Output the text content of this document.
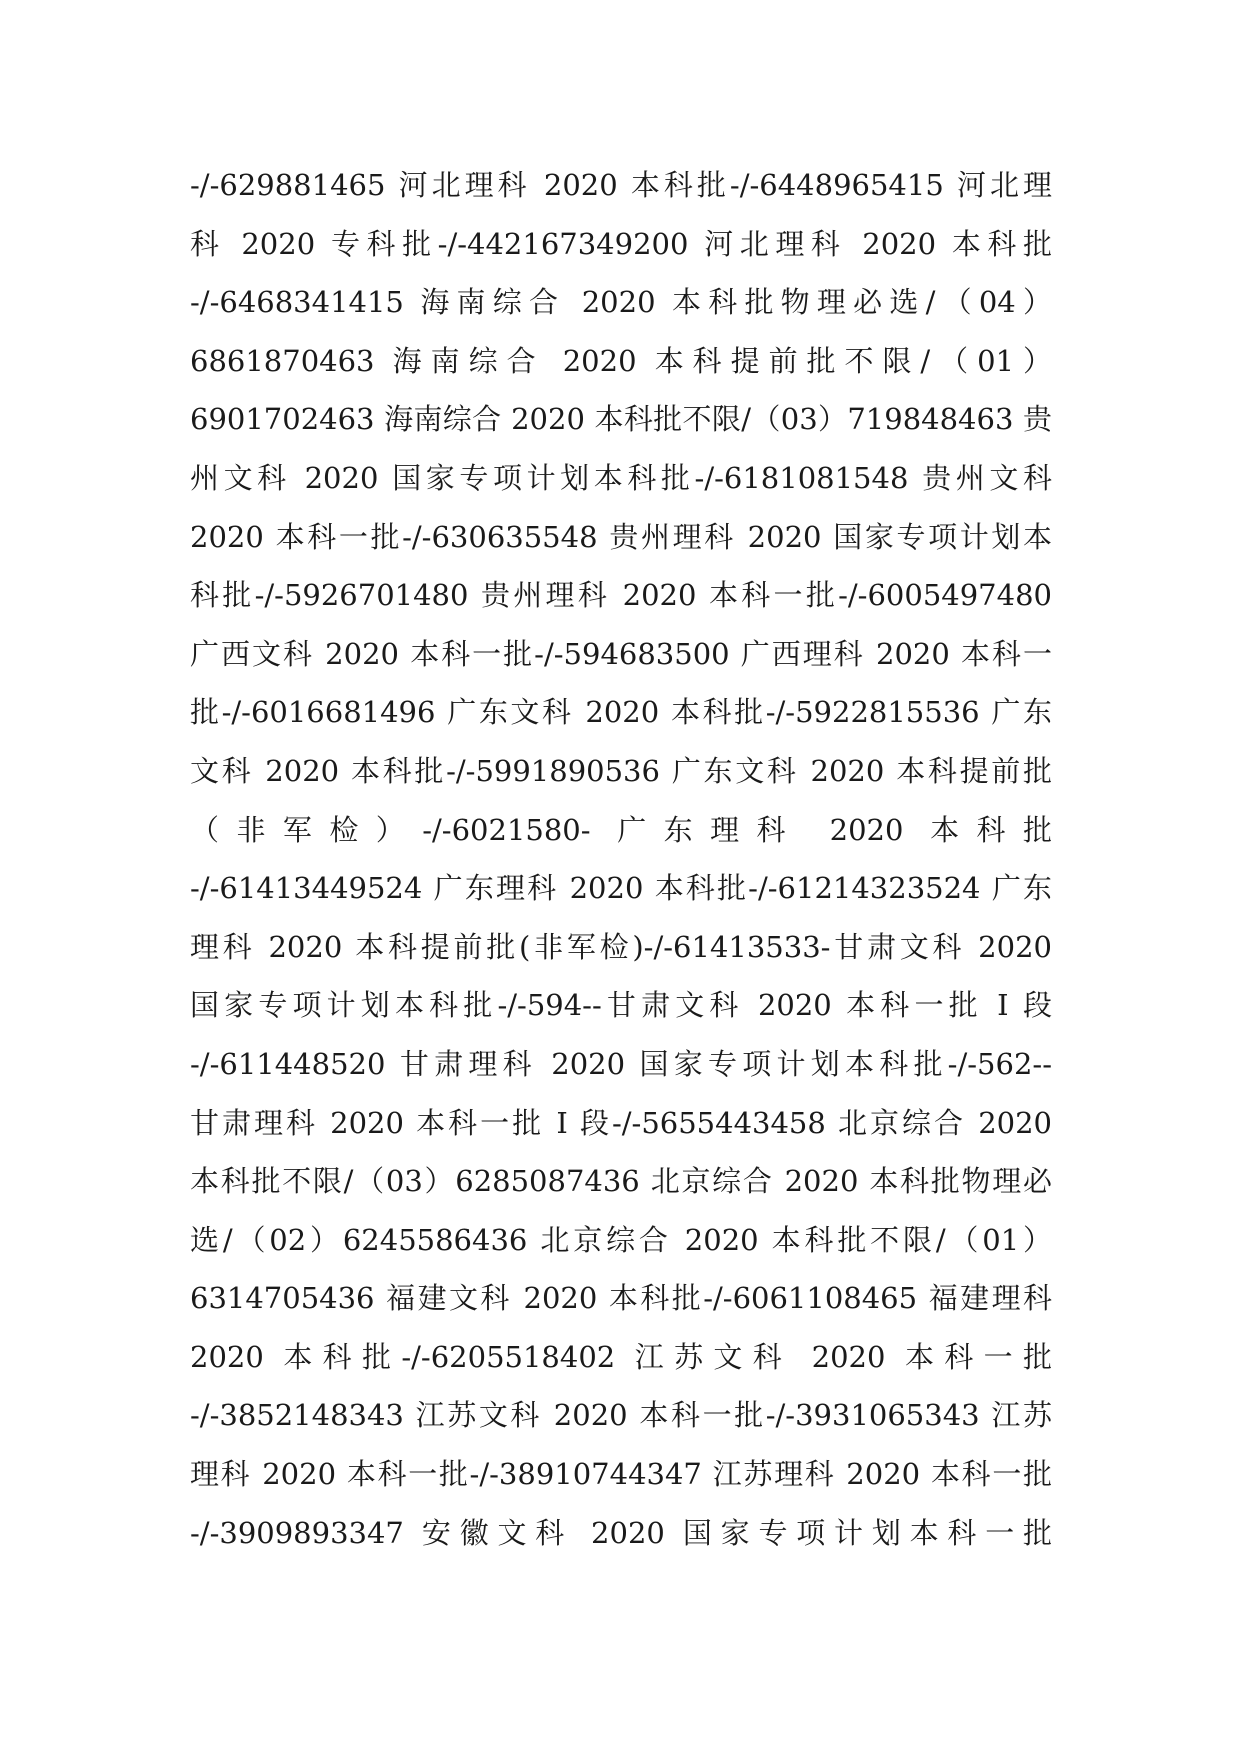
-/-629881465 河北理科 2020 本科批-/-6448965415 河北理
科 2020 专科批-/-442167349200 河北理科 2020 本科批
-/-6468341415 海南综合 2020 本科批物理必选/（04）
6861870463 海南综合 2020 本科提前批不限/（01）
6901702463 海南综合 2020 本科批不限/（03）719848463 贵
州文科 2020 国家专项计划本科批-/-6181081548 贵州文科
2020 本科一批-/-630635548 贵州理科 2020 国家专项计划本
科批-/-5926701480 贵州理科 2020 本科一批-/-6005497480
广西文科 2020 本科一批-/-594683500 广西理科 2020 本科一
批-/-6016681496 广东文科 2020 本科批-/-5922815536 广东
文科 2020 本科批-/-5991890536 广东文科 2020 本科提前批
（非军检）-/-6021580- 广东理科 2020 本科批
-/-61413449524 广东理科 2020 本科批-/-61214323524 广东
理科 2020 本科提前批(非军检)-/-61413533-甘肃文科 2020
国家专项计划本科批-/-594--甘肃文科 2020 本科一批 I 段
-/-611448520 甘肃理科 2020 国家专项计划本科批-/-562--
甘肃理科 2020 本科一批 I 段-/-5655443458 北京综合 2020
本科批不限/（03）6285087436 北京综合 2020 本科批物理必
选/（02）6245586436 北京综合 2020 本科批不限/（01）
6314705436 福建文科 2020 本科批-/-6061108465 福建理科
2020 本科批-/-6205518402 江苏文科 2020 本科一批
-/-3852148343 江苏文科 2020 本科一批-/-3931065343 江苏
理科 2020 本科一批-/-38910744347 江苏理科 2020 本科一批
-/-3909893347 安徽文科 2020 国家专项计划本科一批
